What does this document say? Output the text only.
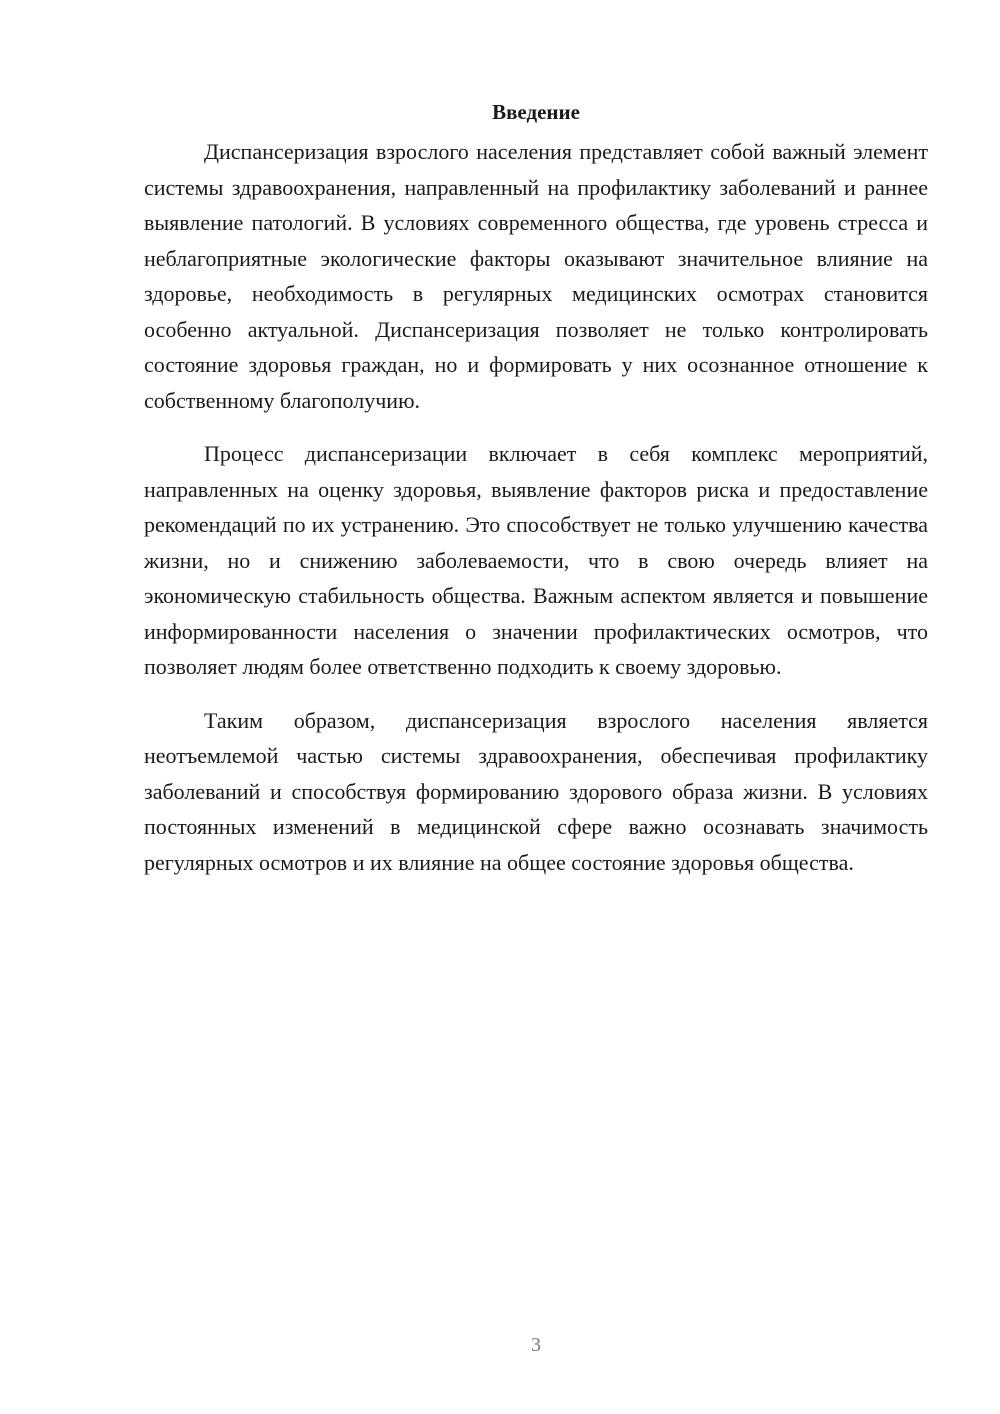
Введение

Диспансеризация взрослого населения представляет собой важный элемент системы здравоохранения, направленный на профилактику заболеваний и раннее выявление патологий. В условиях современного общества, где уровень стресса и неблагоприятные экологические факторы оказывают значительное влияние на здоровье, необходимость в регулярных медицинских осмотрах становится особенно актуальной. Диспансеризация позволяет не только контролировать состояние здоровья граждан, но и формировать у них осознанное отношение к собственному благополучию.

Процесс диспансеризации включает в себя комплекс мероприятий, направленных на оценку здоровья, выявление факторов риска и предоставление рекомендаций по их устранению. Это способствует не только улучшению качества жизни, но и снижению заболеваемости, что в свою очередь влияет на экономическую стабильность общества. Важным аспектом является и повышение информированности населения о значении профилактических осмотров, что позволяет людям более ответственно подходить к своему здоровью.

Таким образом, диспансеризация взрослого населения является неотъемлемой частью системы здравоохранения, обеспечивая профилактику заболеваний и способствуя формированию здорового образа жизни. В условиях постоянных изменений в медицинской сфере важно осознавать значимость регулярных осмотров и их влияние на общее состояние здоровья общества.

3
